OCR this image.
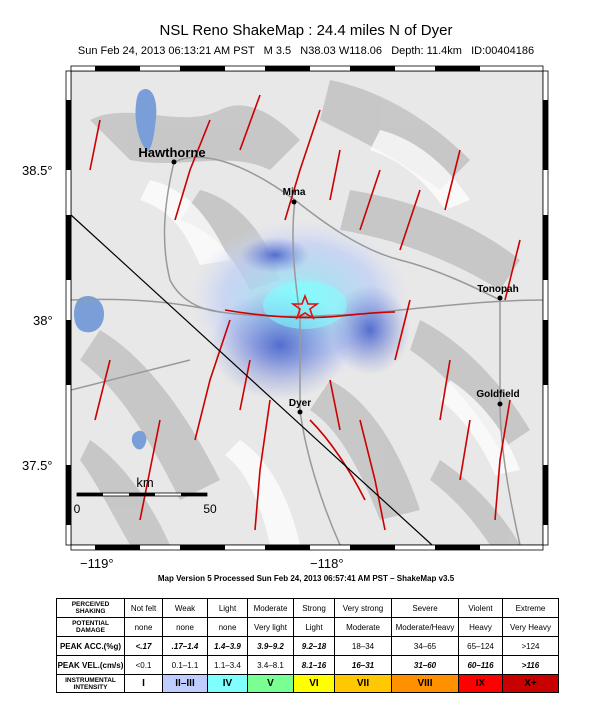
NSL Reno ShakeMap : 24.4 miles N of Dyer
Sun Feb 24, 2013 06:13:21 AM PST   M 3.5   N38.03 W118.06   Depth: 11.4km   ID:00404186
Hawthorne
Mina
Tonopah
Goldfield
Dyer
km
0	50
38.5°
38°
37.5°
−119°	−118°
Map Version 5 Processed Sun Feb 24, 2013 06:57:41 AM PST – ShakeMap v3.5
PERCEIVED SHAKING	Not felt	Weak	Light	Moderate	Strong	Very strong	Severe	Violent	Extreme
POTENTIAL DAMAGE	none	none	none	Very light	Light	Moderate	Moderate/Heavy	Heavy	Very Heavy
PEAK ACC.(%g)	<.17	.17–1.4	1.4–3.9	3.9–9.2	9.2–18	18–34	34–65	65–124	>124
PEAK VEL.(cm/s)	<0.1	0.1–1.1	1.1–3.4	3.4–8.1	8.1–16	16–31	31–60	60–116	>116
INSTRUMENTAL INTENSITY	I	II–III	IV	V	VI	VII	VIII	IX	X+
